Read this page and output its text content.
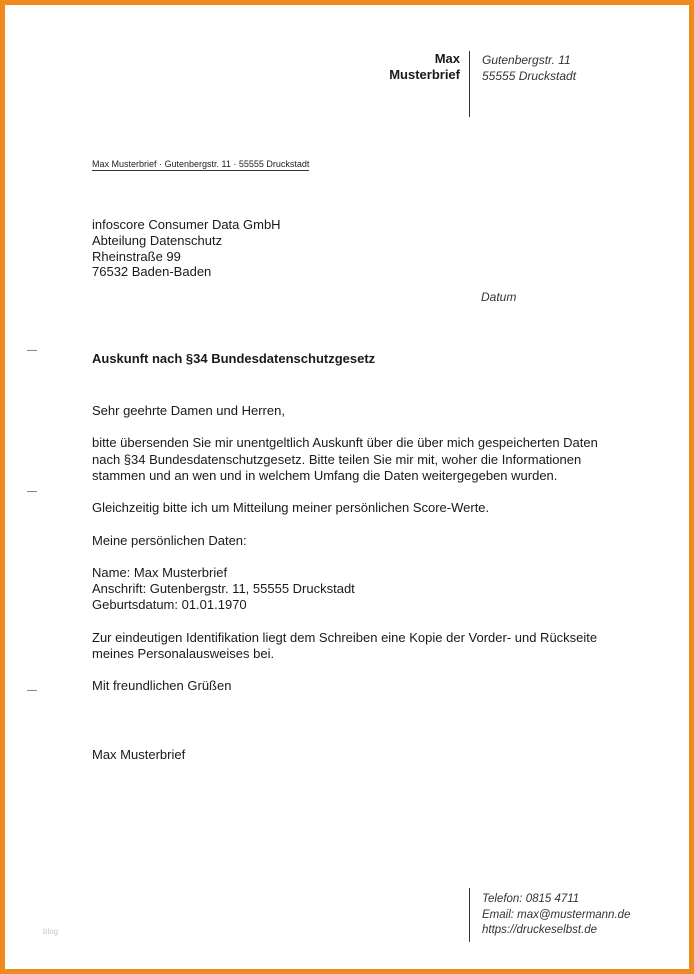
Max
Musterbrief
Gutenbergstr. 11
55555 Druckstadt
Max Musterbrief · Gutenbergstr. 11 · 55555 Druckstadt
infoscore Consumer Data GmbH
Abteilung Datenschutz
Rheinstraße 99
76532 Baden-Baden
Datum
Auskunft nach §34 Bundesdatenschutzgesetz

Sehr geehrte Damen und Herren,

bitte übersenden Sie mir unentgeltlich Auskunft über die über mich gespeicherten Daten
nach §34 Bundesdatenschutzgesetz. Bitte teilen Sie mir mit, woher die Informationen
stammen und an wen und in welchem Umfang die Daten weitergegeben wurden.

Gleichzeitig bitte ich um Mitteilung meiner persönlichen Score-Werte.

Meine persönlichen Daten:

Name: Max Musterbrief
Anschrift: Gutenbergstr. 11, 55555 Druckstadt
Geburtsdatum: 01.01.1970

Zur eindeutigen Identifikation liegt dem Schreiben eine Kopie der Vorder- und Rückseite
meines Personalausweises bei.

Mit freundlichen Grüßen

Max Musterbrief
Telefon: 0815 4711
Email: max@mustermann.de
https://druckeselbst.de
blog
